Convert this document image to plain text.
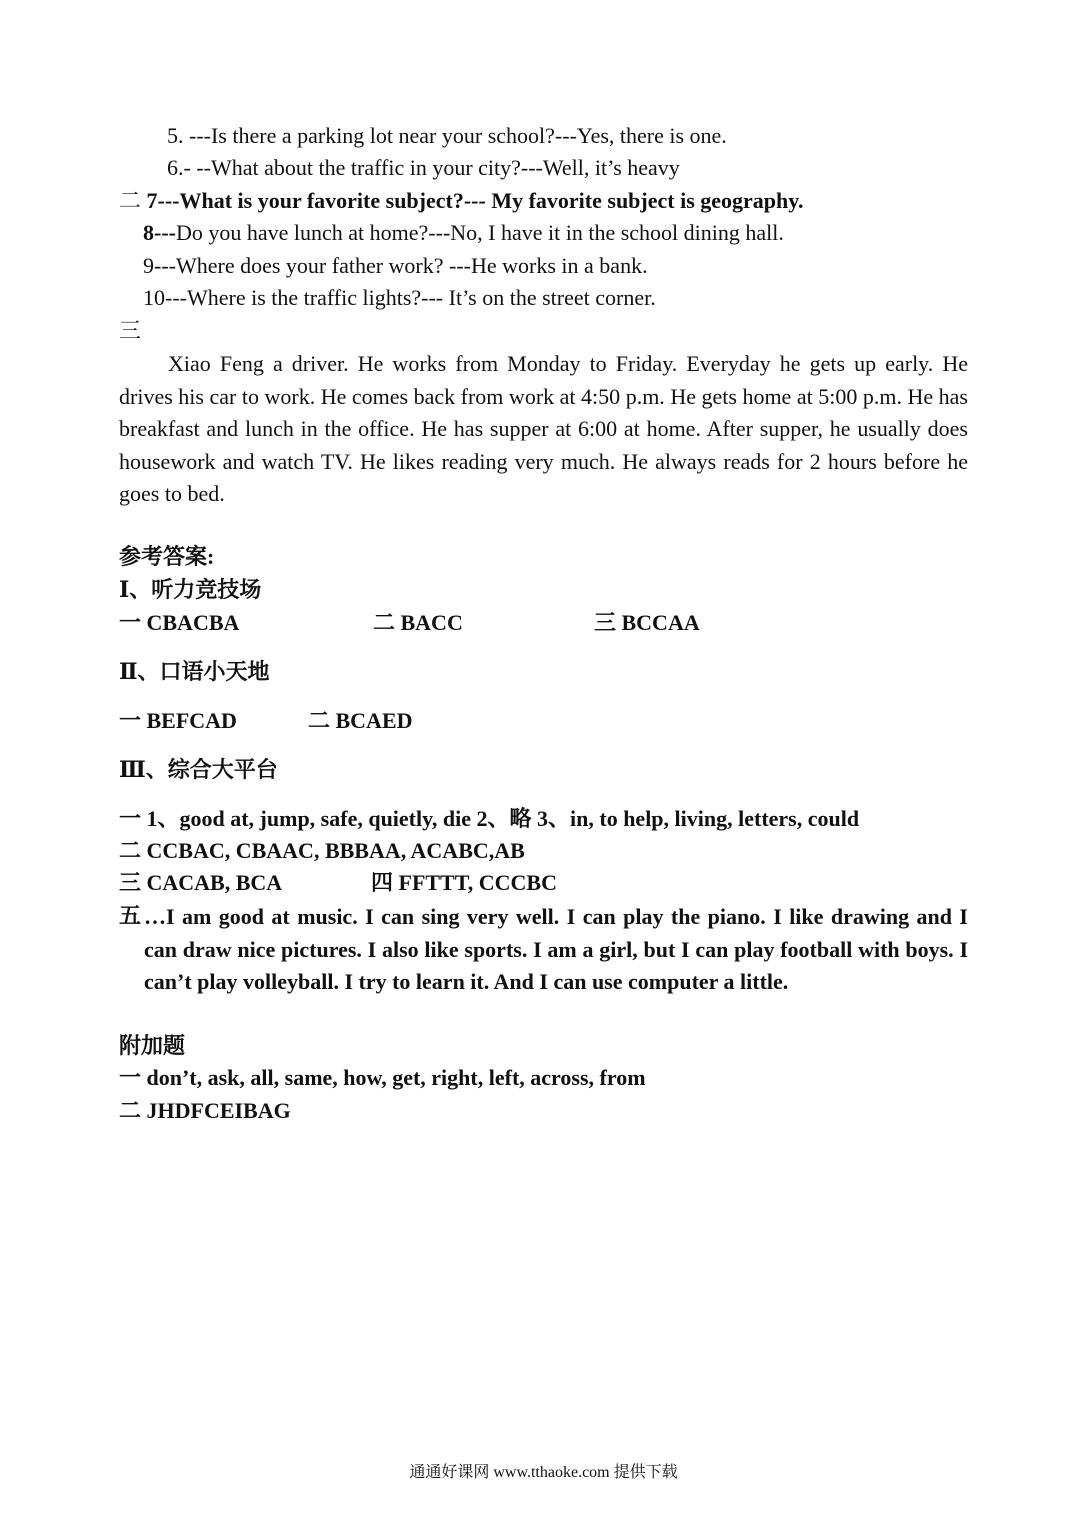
5. ---Is there a parking lot near your school?---Yes, there is one.
6.- --What about the traffic in your city?---Well, it’s heavy
二 7---What is your favorite subject?--- My favorite subject is geography.
8---Do you have lunch at home?---No, I have it in the school dining hall.
9---Where does your father work? ---He works in a bank.
10---Where is the traffic lights?--- It’s on the street corner.
三
Xiao Feng a driver. He works from Monday to Friday. Everyday he gets up early. He drives his car to work. He comes back from work at 4:50 p.m. He gets home at 5:00 p.m. He has breakfast and lunch in the office. He has supper at 6:00 at home. After supper, he usually does housework and watch TV. He likes reading very much. He always reads for 2 hours before he goes to bed.
参考答案:
Ⅰ、听力竞技场
一 CBACBA	二 BACC	三 BCCAA
Ⅱ、口语小天地
一 BEFCAD	二 BCAED
Ⅲ、综合大平台
一 1、good at, jump, safe, quietly, die 2、略 3、in, to help, living, letters, could
二 CCBAC, CBAAC, BBBAA, ACABC,AB
三 CACAB, BCA	四 FFTTT, CCCBC
五 …I am good at music. I can sing very well. I can play the piano. I like drawing and I can draw nice pictures. I also like sports. I am a girl, but I can play football with boys. I can’t play volleyball. I try to learn it. And I can use computer a little.
附加题
一 don’t, ask, all, same, how, get, right, left, across, from
二 JHDFCEIBAG
通通好课网 www.tthaoke.com 提供下载
